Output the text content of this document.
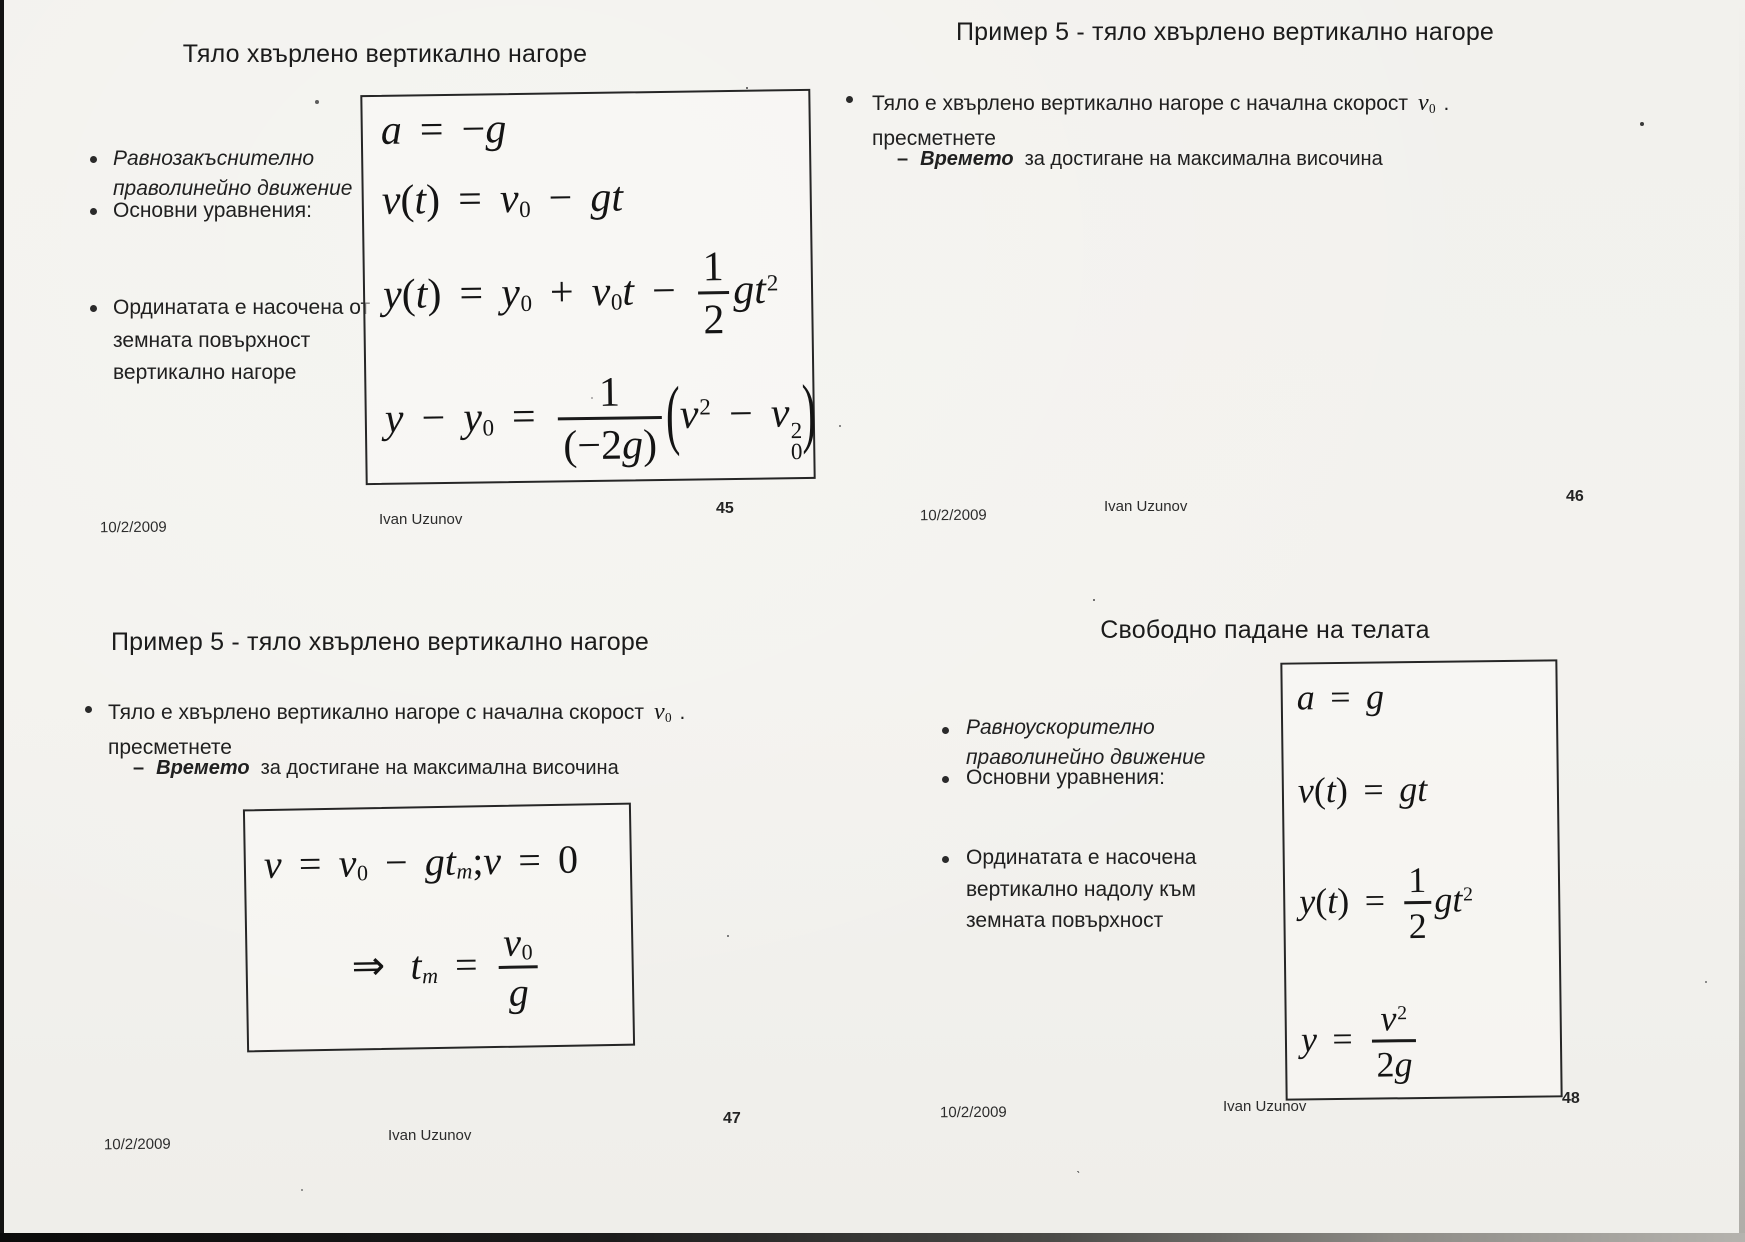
Тяло хвърлено вертикално нагоре
Равнозакъснително праволинейно движение
Основни уравнения:
Ординатата е насочена от земната повърхност вертикално нагоре
a = −g
v(t) = v0 − gt
$y(t) = y0 + v0t - \frac{1}{2} gt^2$
$y - y0 = \frac{1}{(-2g)} (v^2 - v$ 2
0
)
10/2/2009	Ivan Uzunov
45
Пример 5 - тяло хвърлено вертикално нагоре
Тяло е хвърлено вертикално нагоре с начална скорост v0 .
пресметнете
– Времето за достигане на максимална височина
10/2/2009
Ivan Uzunov
46
Пример 5 - тяло хвърлено вертикално нагоре
Тяло е хвърлено вертикално нагоре с начална скорост v0 .
пресметнете
– Времето за достигане на максимална височина
v = v0 − gtm;v = 0
⇒ tm = $\frac{v0}{g}$
10/2/2009
Ivan Uzunov
47
Свободно падане на телата
Равноускорително праволинейно движение
Основни уравнения:
Ординатата е насочена вертикално надолу към земната повърхност
a = g
v(t) = gt
$y(t) = \frac{1}{2} gt^2$
$y = \frac{v^2}{2g}$
10/2/2009	Ivan Uzunov	48
ˋ
